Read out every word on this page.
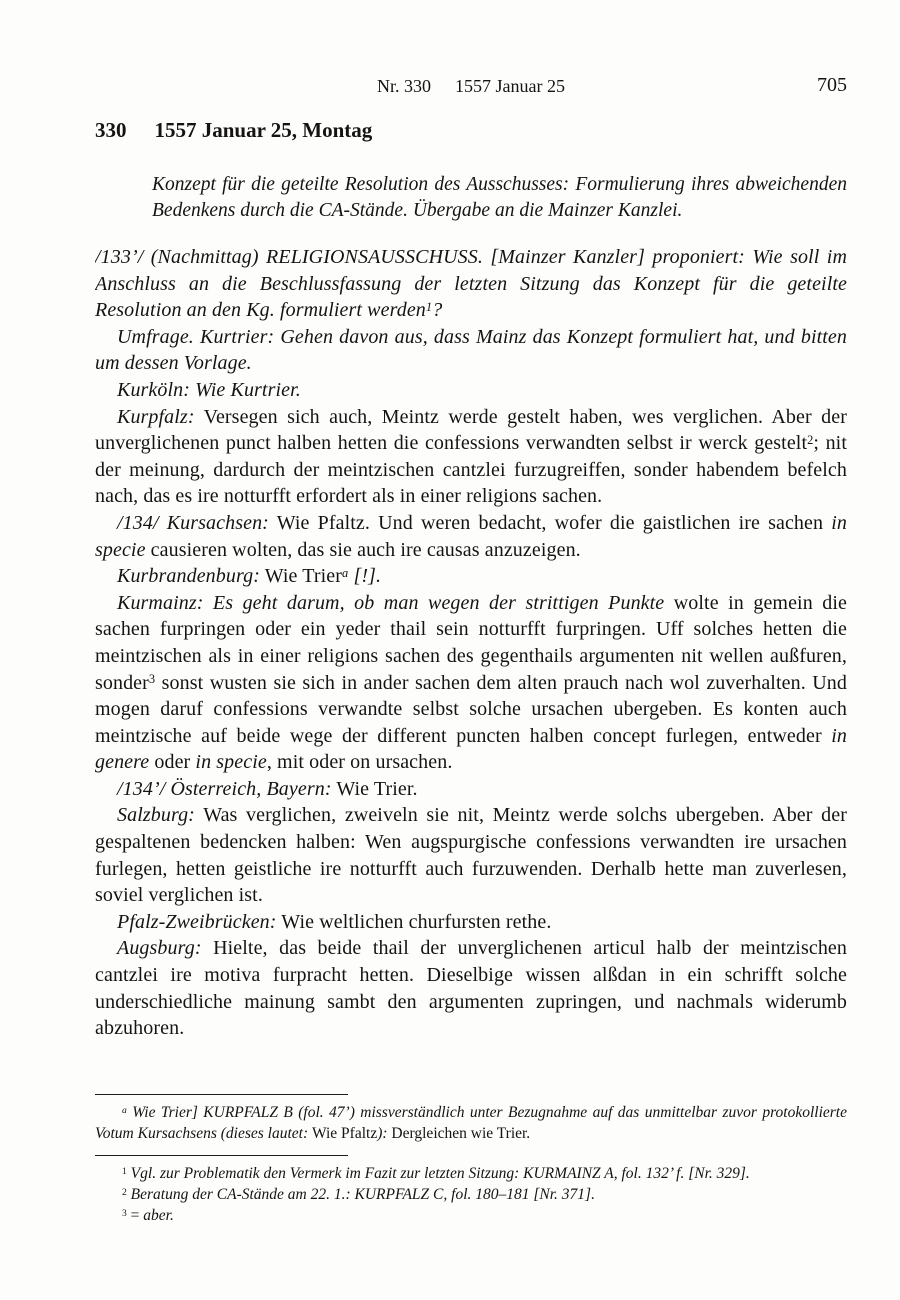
Nr. 330 1557 Januar 25	705
330 1557 Januar 25, Montag
Konzept für die geteilte Resolution des Ausschusses: Formulierung ihres abweichenden Bedenkens durch die CA-Stände. Übergabe an die Mainzer Kanzlei.

/133’/ (Nachmittag) RELIGIONSAUSSCHUSS. [Mainzer Kanzler] proponiert: Wie soll im Anschluss an die Beschlussfassung der letzten Sitzung das Konzept für die geteilte Resolution an den Kg. formuliert werden$^1$?

Umfrage. Kurtrier: Gehen davon aus, dass Mainz das Konzept formuliert hat, und bitten um dessen Vorlage.

Kurköln: Wie Kurtrier.

Kurpfalz: Versegen sich auch, Meintz werde gestelt haben, wes verglichen. Aber der unverglichenen punct halben hetten die confessions verwandten selbst ir werck gestelt$^2$; nit der meinung, dardurch der meintzischen cantzlei furzugreiffen, sonder habendem befelch nach, das es ire notturfft erfordert als in einer religions sachen.

/134/ Kursachsen: Wie Pfaltz. Und weren bedacht, wofer die gaistlichen ire sachen in specie causieren wolten, das sie auch ire causas anzuzeigen.

Kurbrandenburg: Wie Trier$^a$ [!].

Kurmainz: Es geht darum, ob man wegen der strittigen Punkte wolte in gemein die sachen furpringen oder ein yeder thail sein notturfft furpringen. Uff solches hetten die meintzischen als in einer religions sachen des gegenthails argumenten nit wellen außfuren, sonder$^3$ sonst wusten sie sich in ander sachen dem alten prauch nach wol zuverhalten. Und mogen daruf confessions verwandte selbst solche ursachen ubergeben. Es konten auch meintzische auf beide wege der different puncten halben concept furlegen, entweder in genere oder in specie, mit oder on ursachen.

/134’/ Österreich, Bayern: Wie Trier.

Salzburg: Was verglichen, zweiveln sie nit, Meintz werde solchs ubergeben. Aber der gespaltenen bedencken halben: Wen augspurgische confessions verwandten ire ursachen furlegen, hetten geistliche ire notturfft auch furzuwenden. Derhalb hette man zuverlesen, soviel verglichen ist.

Pfalz-Zweibrücken: Wie weltlichen churfursten rethe.

Augsburg: Hielte, das beide thail der unverglichenen articul halb der meintzischen cantzlei ire motiva furpracht hetten. Dieselbige wissen alßdan in ein schrifft solche underschiedliche mainung sambt den argumenten zupringen, und nachmals widerumb abzuhoren.

$^a$ Wie Trier] KURPFALZ B (fol. 47’) missverständlich unter Bezugnahme auf das unmittelbar zuvor protokollierte Votum Kursachsens (dieses lautet: Wie Pfaltz): Dergleichen wie Trier.

$^1$ Vgl. zur Problematik den Vermerk im Fazit zur letzten Sitzung: KURMAINZ A, fol. 132’ f. [Nr. 329].

$^2$ Beratung der CA-Stände am 22. 1.: KURPFALZ C, fol. 180–181 [Nr. 371].

$^3$ = aber.
